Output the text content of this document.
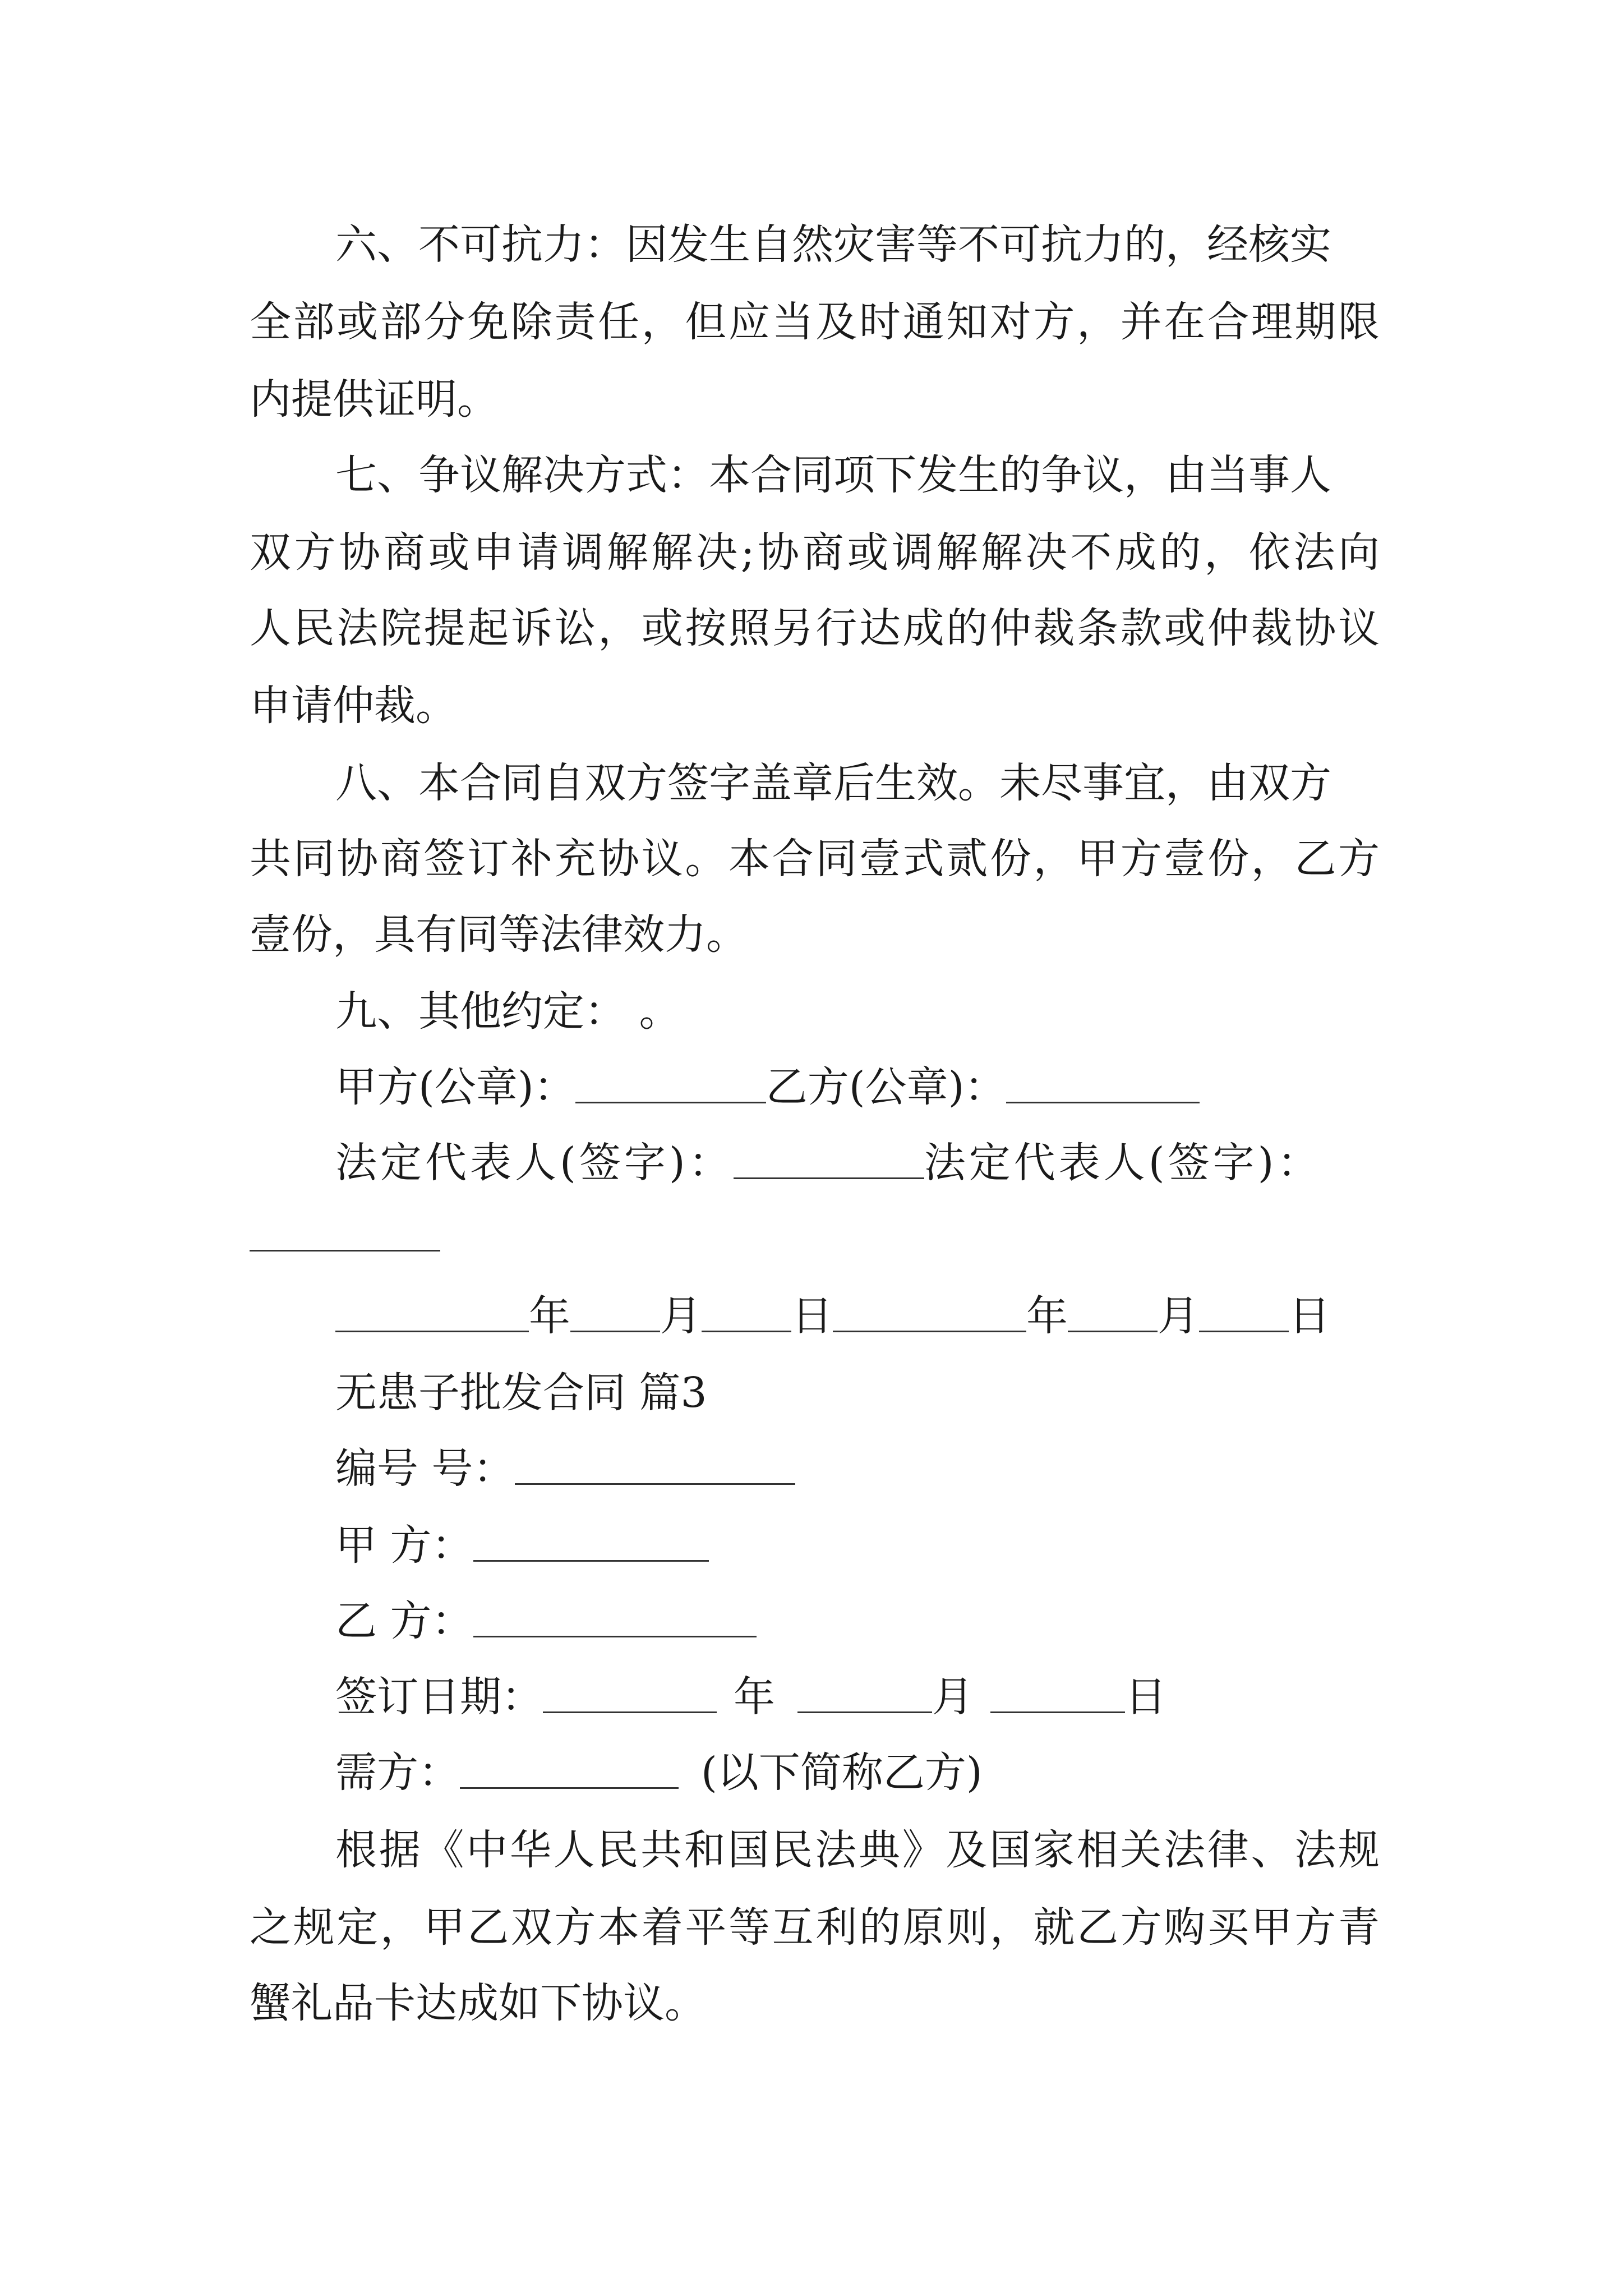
六、不可抗力：因发生自然灾害等不可抗力的，经核实
全部或部分免除责任，但应当及时通知对方，并在合理期限
内提供证明。
七、争议解决方式：本合同项下发生的争议，由当事人
双方协商或申请调解解决;协商或调解解决不成的，依法向
人民法院提起诉讼，或按照另行达成的仲裁条款或仲裁协议
申请仲裁。
八、本合同自双方签字盖章后生效。未尽事宜，由双方
共同协商签订补充协议。本合同壹式贰份，甲方壹份，乙方
壹份，具有同等法律效力。
九、其他约定： 。
甲方(公章)：	乙方(公章)：
法定代表人(签字)：	法定代表人(签字)：
年 月 日	年 月 日
无患子批发合同 篇3
编号 号：
甲 方：
乙 方：
签订日期：	年	月	日
需方：	(以下简称乙方)
根据《中华人民共和国民法典》及国家相关法律、法规
之规定，甲乙双方本着平等互利的原则，就乙方购买甲方青
蟹礼品卡达成如下协议。
